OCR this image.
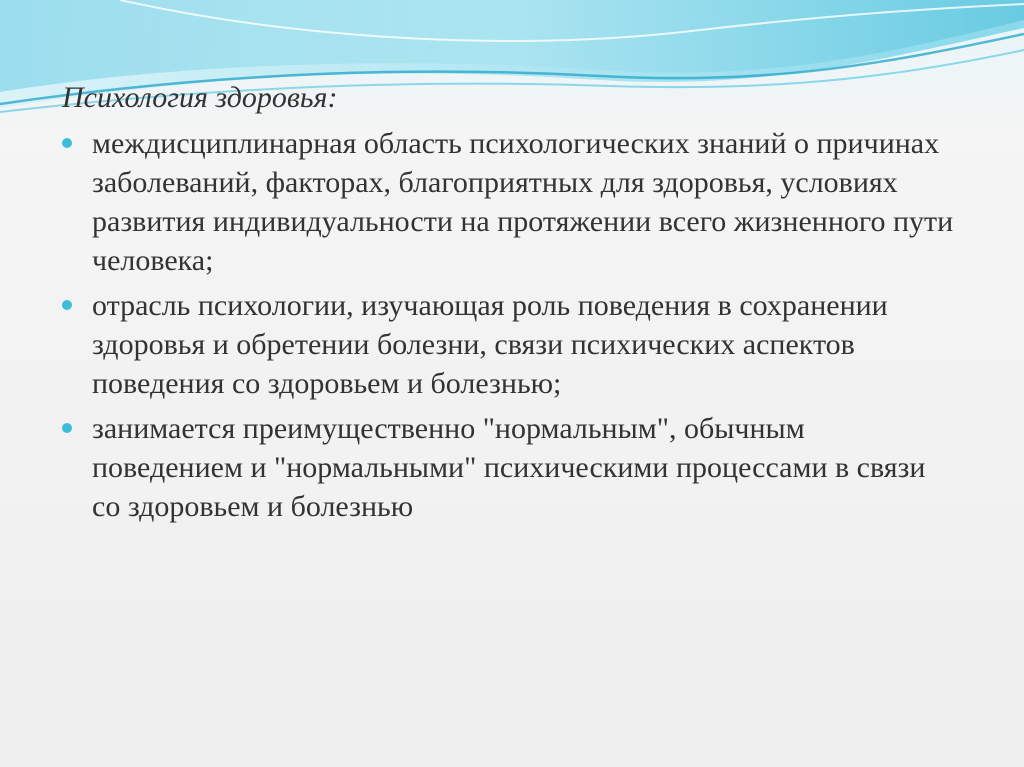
Психология здоровья:
междисциплинарная область психологических знаний о причинах заболеваний, факторах, благоприятных для здоровья, условиях развития индивидуальности на протяжении всего жизненного пути человека;
отрасль психологии, изучающая роль поведения в сохранении здоровья и обретении болезни, связи психических аспектов поведения со здоровьем и болезнью;
занимается преимущественно "нормальным", обычным поведением и "нормальными" психическими процессами в связи со здоровьем и болезнью
